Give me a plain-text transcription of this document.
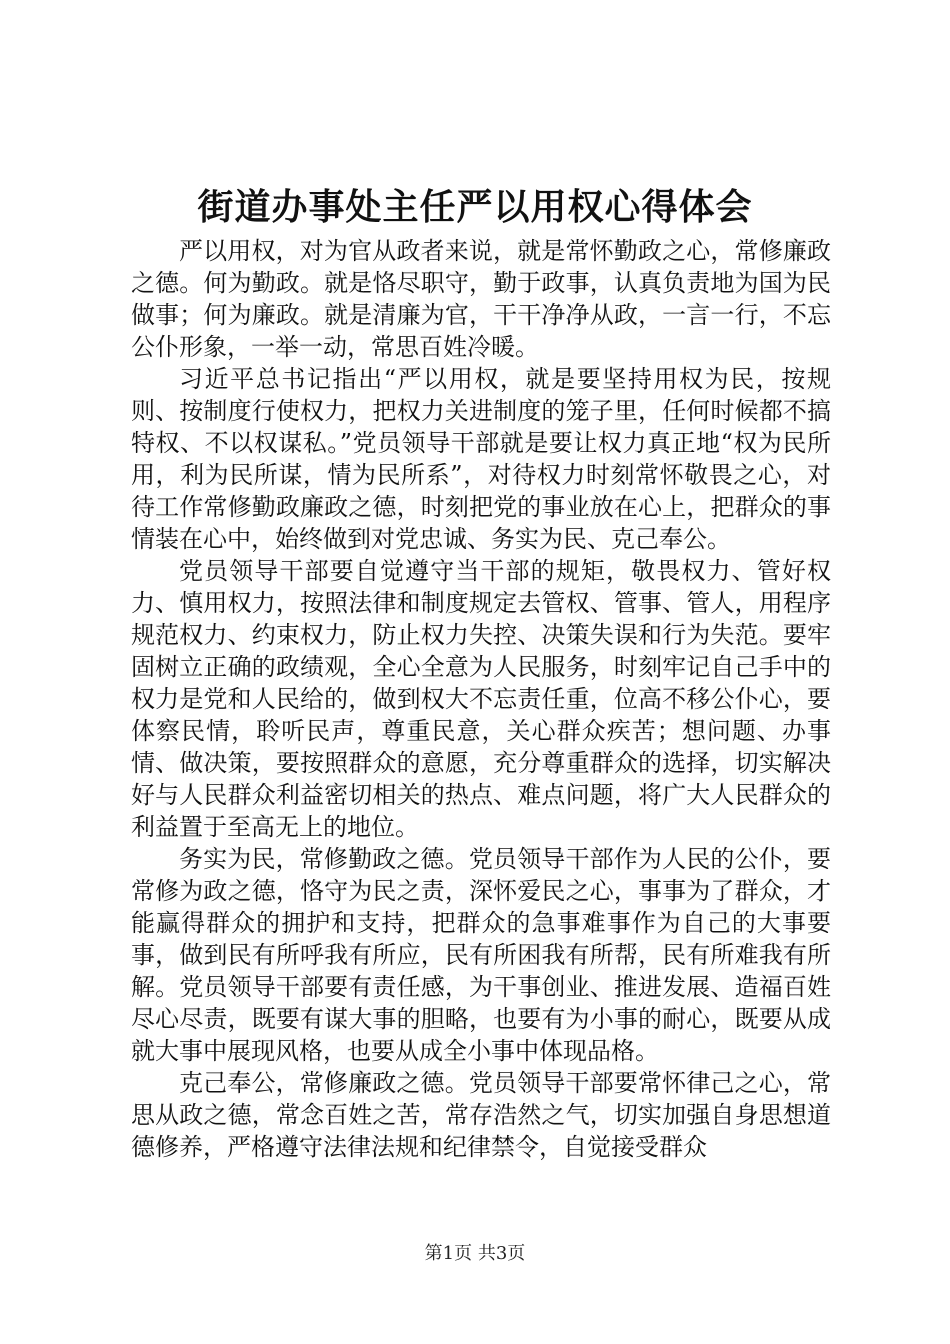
街道办事处主任严以用权心得体会

严以用权，对为官从政者来说，就是常怀勤政之心，常修廉政之德。何为勤政。就是恪尽职守，勤于政事，认真负责地为国为民做事；何为廉政。就是清廉为官，干干净净从政，一言一行，不忘公仆形象，一举一动，常思百姓冷暖。

习近平总书记指出“严以用权，就是要坚持用权为民，按规则、按制度行使权力，把权力关进制度的笼子里，任何时候都不搞特权、不以权谋私。”党员领导干部就是要让权力真正地“权为民所用，利为民所谋，情为民所系”，对待权力时刻常怀敬畏之心，对待工作常修勤政廉政之德，时刻把党的事业放在心上，把群众的事情装在心中，始终做到对党忠诚、务实为民、克己奉公。

党员领导干部要自觉遵守当干部的规矩，敬畏权力、管好权力、慎用权力，按照法律和制度规定去管权、管事、管人，用程序规范权力、约束权力，防止权力失控、决策失误和行为失范。要牢固树立正确的政绩观，全心全意为人民服务，时刻牢记自己手中的权力是党和人民给的，做到权大不忘责任重，位高不移公仆心，要体察民情，聆听民声，尊重民意，关心群众疾苦；想问题、办事情、做决策，要按照群众的意愿，充分尊重群众的选择，切实解决好与人民群众利益密切相关的热点、难点问题，将广大人民群众的利益置于至高无上的地位。

务实为民，常修勤政之德。党员领导干部作为人民的公仆，要常修为政之德，恪守为民之责，深怀爱民之心，事事为了群众，才能赢得群众的拥护和支持，把群众的急事难事作为自己的大事要事，做到民有所呼我有所应，民有所困我有所帮，民有所难我有所解。党员领导干部要有责任感，为干事创业、推进发展、造福百姓尽心尽责，既要有谋大事的胆略，也要有为小事的耐心，既要从成就大事中展现风格，也要从成全小事中体现品格。

克己奉公，常修廉政之德。党员领导干部要常怀律己之心，常思从政之德，常念百姓之苦，常存浩然之气，切实加强自身思想道德修养，严格遵守法律法规和纪律禁令，自觉接受群众

第1页 共3页
